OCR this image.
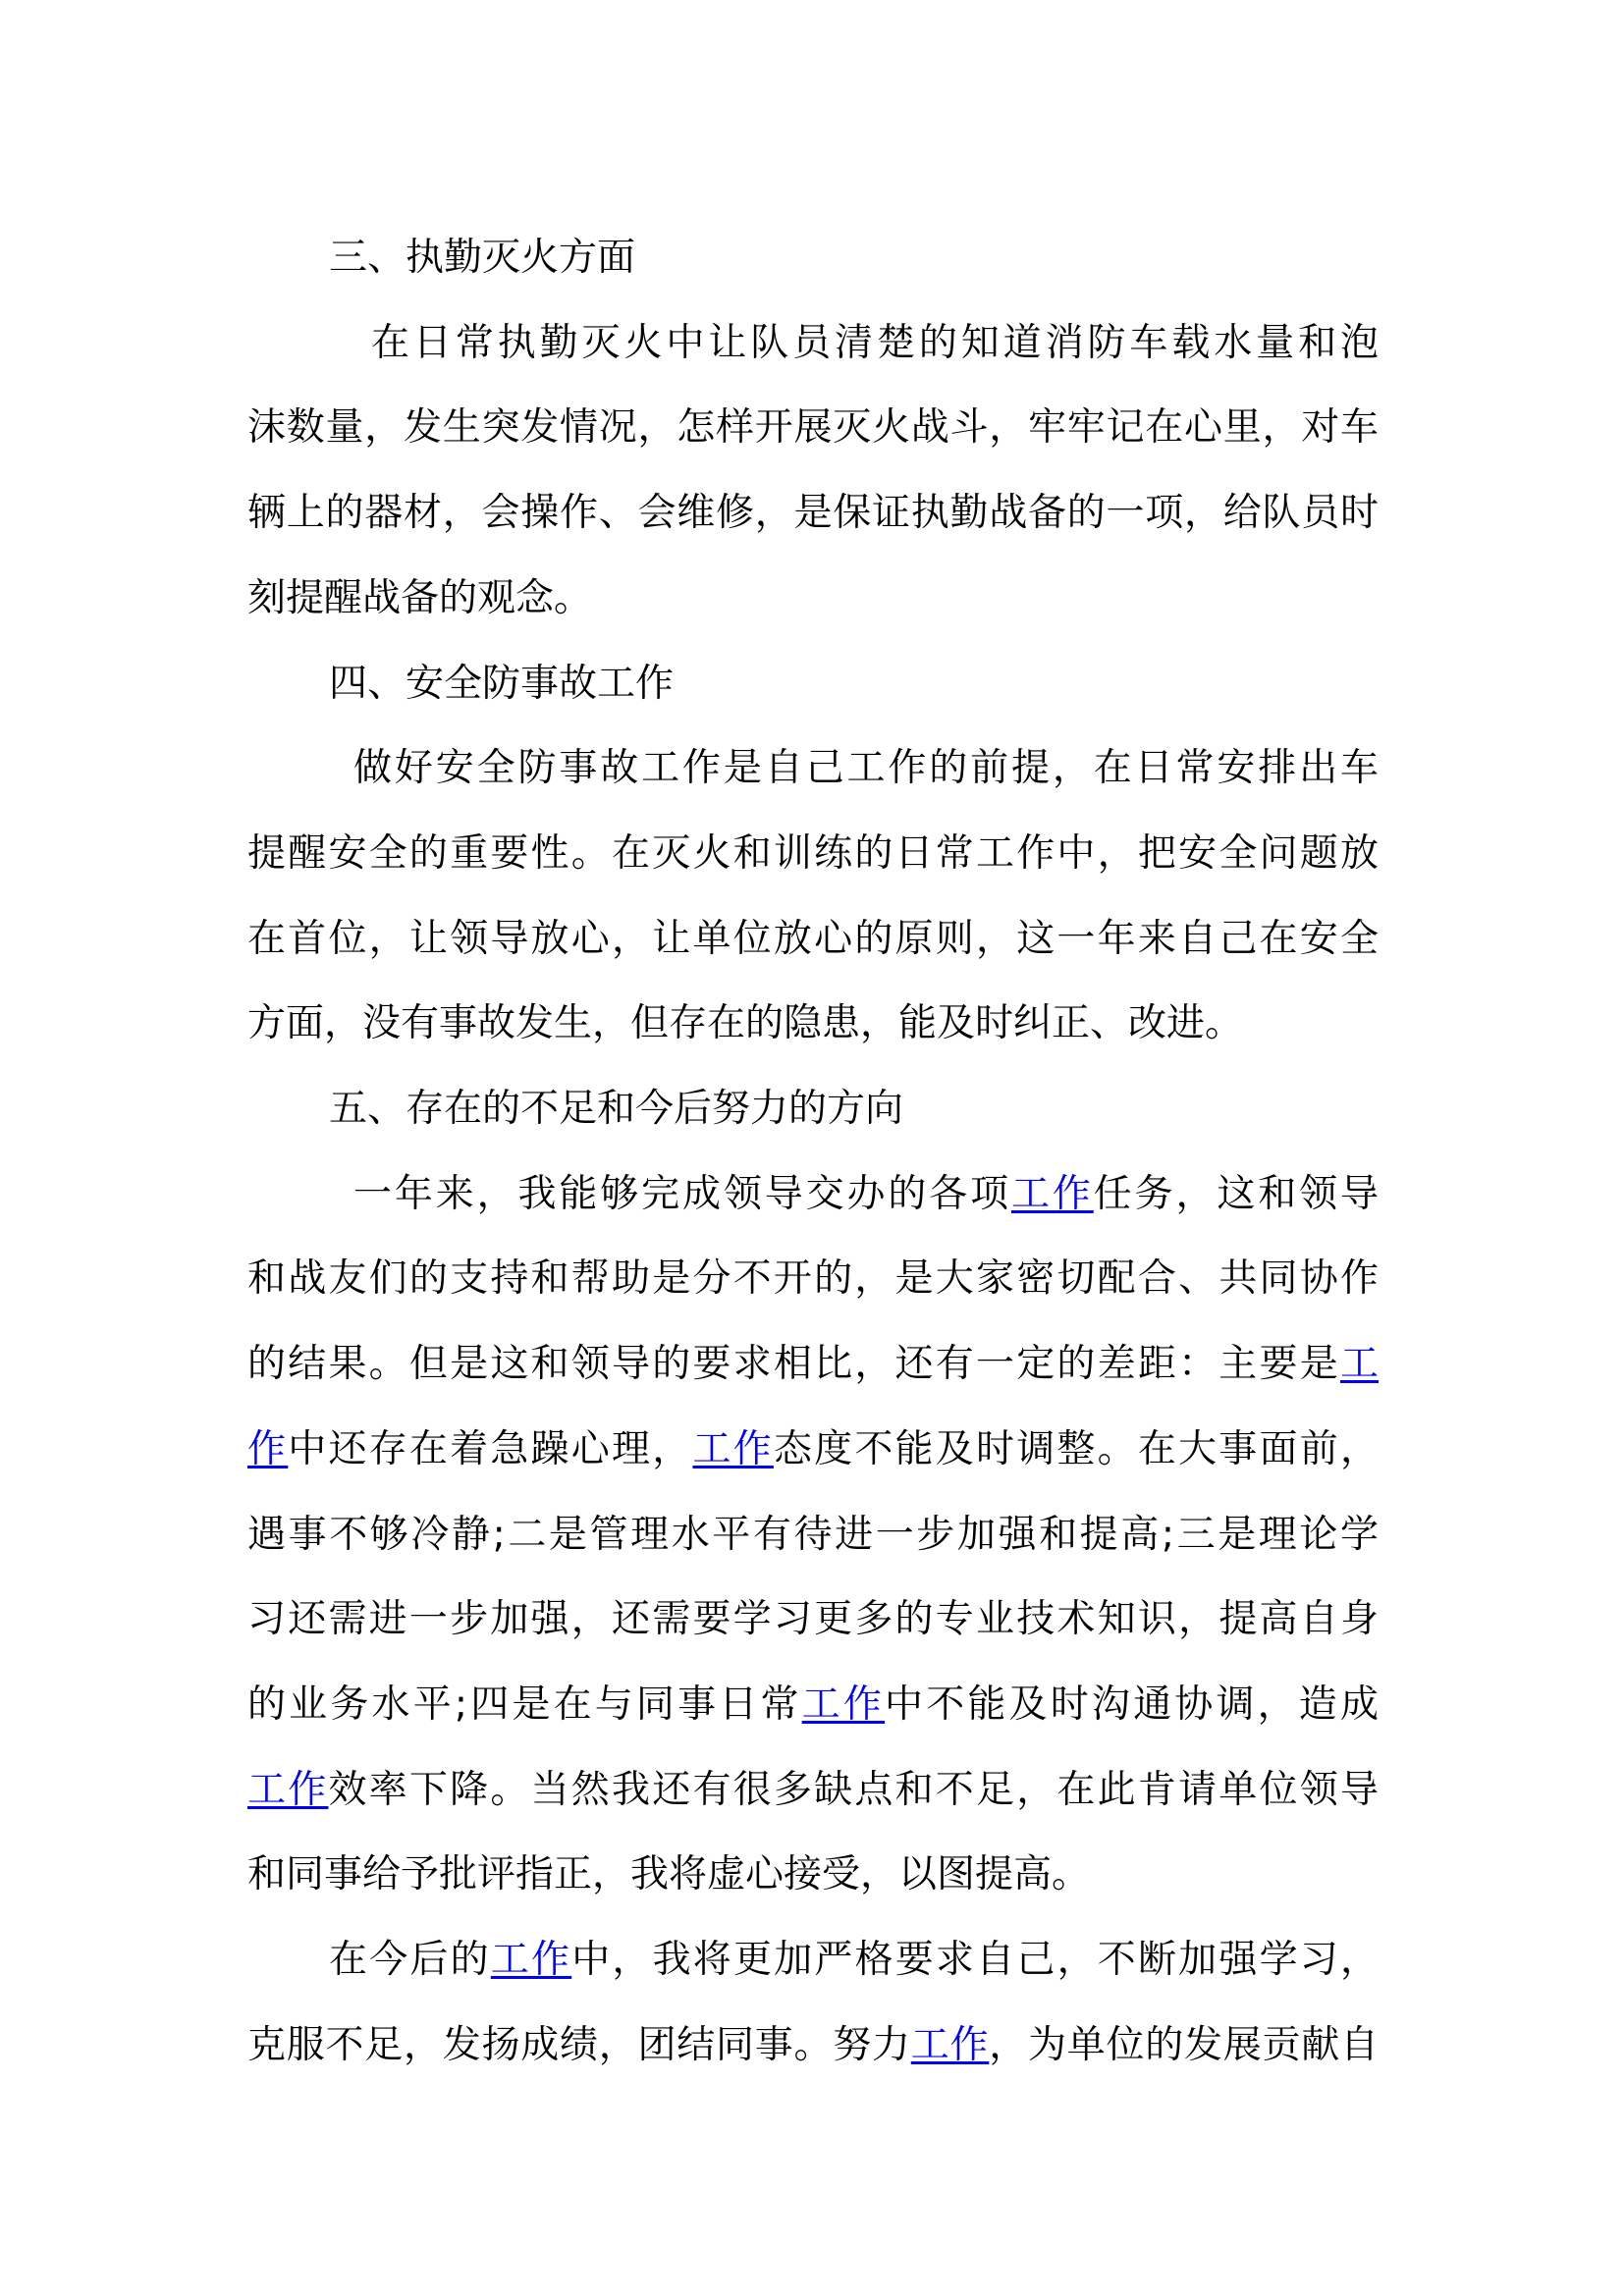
三、执勤灭火方面
在日常执勤灭火中让队员清楚的知道消防车载水量和泡
沫数量，发生突发情况，怎样开展灭火战斗，牢牢记在心里，对车
辆上的器材，会操作、会维修，是保证执勤战备的一项，给队员时
刻提醒战备的观念。
四、安全防事故工作
做好安全防事故工作是自己工作的前提，在日常安排出车
提醒安全的重要性。在灭火和训练的日常工作中，把安全问题放
在首位，让领导放心，让单位放心的原则，这一年来自己在安全
方面，没有事故发生，但存在的隐患，能及时纠正、改进。
五、存在的不足和今后努力的方向
一年来，我能够完成领导交办的各项工作任务，这和领导
和战友们的支持和帮助是分不开的，是大家密切配合、共同协作
的结果。但是这和领导的要求相比，还有一定的差距：主要是工
作中还存在着急躁心理，工作态度不能及时调整。在大事面前，
遇事不够冷静;二是管理水平有待进一步加强和提高;三是理论学
习还需进一步加强，还需要学习更多的专业技术知识，提高自身
的业务水平;四是在与同事日常工作中不能及时沟通协调，造成
工作效率下降。当然我还有很多缺点和不足，在此肯请单位领导
和同事给予批评指正，我将虚心接受，以图提高。
在今后的工作中，我将更加严格要求自己，不断加强学习，
克服不足，发扬成绩，团结同事。努力工作，为单位的发展贡献自
